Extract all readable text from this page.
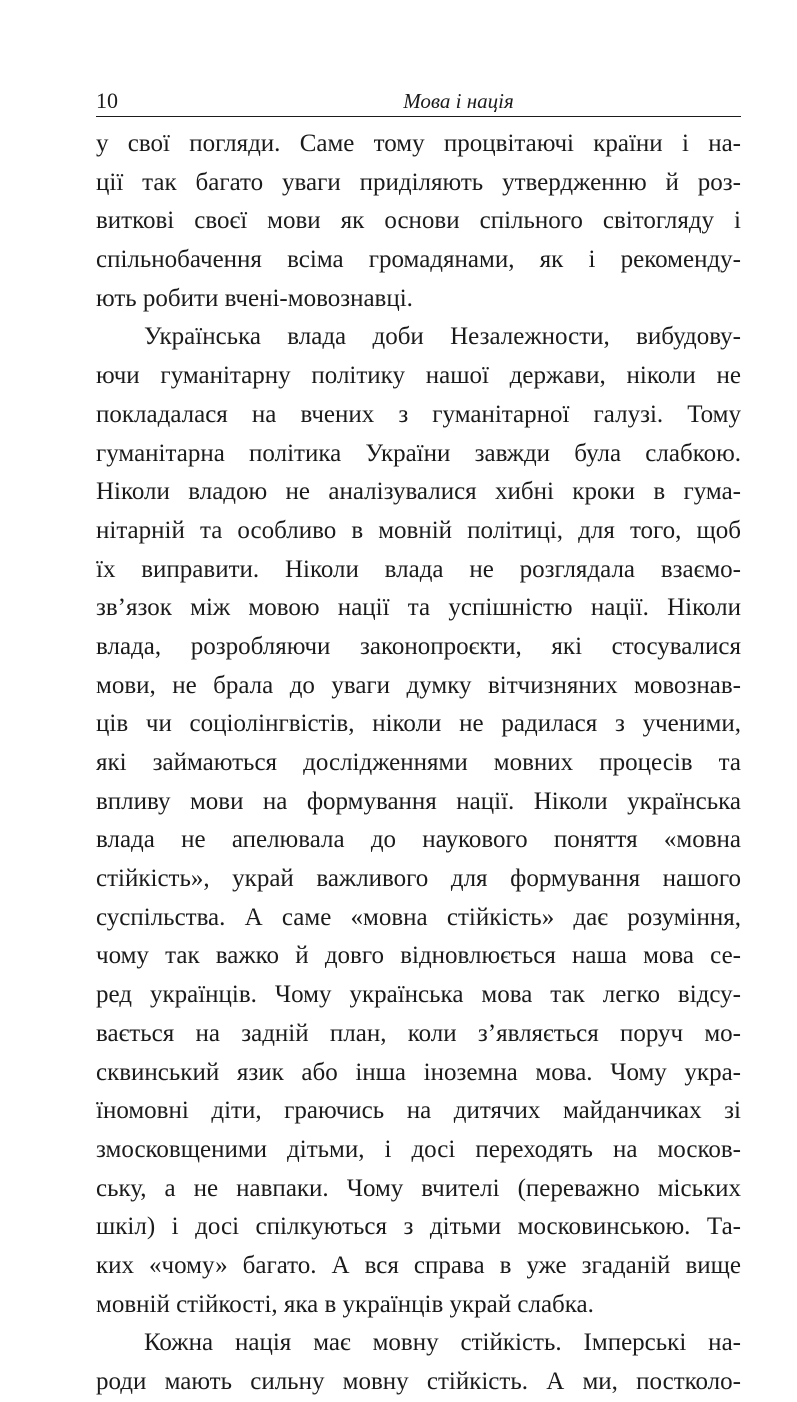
10	Мова і нація
у свої погляди. Саме тому процвітаючі країни і на-
ції так багато уваги приділяють утвердженню й роз-
виткові своєї мови як основи спільного світогляду і
спільнобачення всіма громадянами, як і рекоменду-
ють робити вчені-мовознавці.
Українська влада доби Незалежности, вибудову-
ючи гуманітарну політику нашої держави, ніколи не
покладалася на вчених з гуманітарної галузі. Тому
гуманітарна політика України завжди була слабкою.
Ніколи владою не аналізувалися хибні кроки в гума-
нітарній та особливо в мовній політиці, для того, щоб
їх виправити. Ніколи влада не розглядала взаємо-
зв’язок між мовою нації та успішністю нації. Ніколи
влада, розробляючи законопроєкти, які стосувалися
мови, не брала до уваги думку вітчизняних мовознав-
ців чи соціолінгвістів, ніколи не радилася з ученими,
які займаються дослідженнями мовних процесів та
впливу мови на формування нації. Ніколи українська
влада не апелювала до наукового поняття «мовна
стійкість», украй важливого для формування нашого
суспільства. А саме «мовна стійкість» дає розуміння,
чому так важко й довго відновлюється наша мова се-
ред українців. Чому українська мова так легко відсу-
вається на задній план, коли з’являється поруч мо-
сквинський язик або інша іноземна мова. Чому укра-
їномовні діти, граючись на дитячих майданчиках зі
змосковщеними дітьми, і досі переходять на москов-
ську, а не навпаки. Чому вчителі (переважно міських
шкіл) і досі спілкуються з дітьми московинською. Та-
ких «чому» багато. А вся справа в уже згаданій вище
мовній стійкості, яка в українців украй слабка.
Кожна нація має мовну стійкість. Імперські на-
роди мають сильну мовну стійкість. А ми, постколо-
